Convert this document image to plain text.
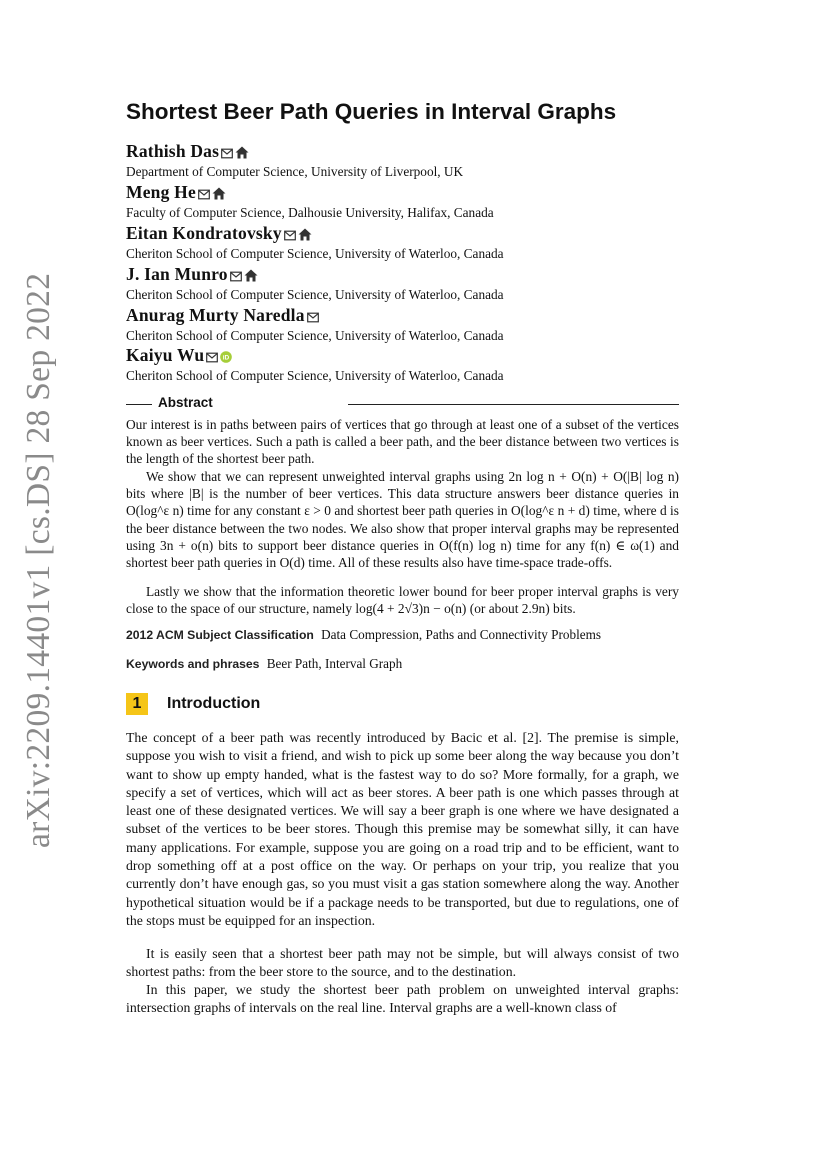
arXiv:2209.14401v1 [cs.DS] 28 Sep 2022
Shortest Beer Path Queries in Interval Graphs
Rathish Das
Department of Computer Science, University of Liverpool, UK
Meng He
Faculty of Computer Science, Dalhousie University, Halifax, Canada
Eitan Kondratovsky
Cheriton School of Computer Science, University of Waterloo, Canada
J. Ian Munro
Cheriton School of Computer Science, University of Waterloo, Canada
Anurag Murty Naredla
Cheriton School of Computer Science, University of Waterloo, Canada
Kaiyu Wu	iD
Cheriton School of Computer Science, University of Waterloo, Canada
Abstract

Our interest is in paths between pairs of vertices that go through at least one of a subset of the vertices known as beer vertices. Such a path is called a beer path, and the beer distance between two vertices is the length of the shortest beer path.

We show that we can represent unweighted interval graphs using 2n log n + O(n) + O(|B| log n) bits where |B| is the number of beer vertices. This data structure answers beer distance queries in O(log^ε n) time for any constant ε > 0 and shortest beer path queries in O(log^ε n + d) time, where d is the beer distance between the two nodes. We also show that proper interval graphs may be represented using 3n + o(n) bits to support beer distance queries in O(f(n) log n) time for any f(n) ∈ ω(1) and shortest beer path queries in O(d) time. All of these results also have time-space trade-offs.

Lastly we show that the information theoretic lower bound for beer proper interval graphs is very close to the space of our structure, namely log(4 + 2√3)n − o(n) (or about 2.9n) bits.

2012 ACM Subject Classification Data Compression, Paths and Connectivity Problems
Keywords and phrases Beer Path, Interval Graph
1	Introduction

The concept of a beer path was recently introduced by Bacic et al. [2]. The premise is simple, suppose you wish to visit a friend, and wish to pick up some beer along the way because you don’t want to show up empty handed, what is the fastest way to do so? More formally, for a graph, we specify a set of vertices, which will act as beer stores. A beer path is one which passes through at least one of these designated vertices. We will say a beer graph is one where we have designated a subset of the vertices to be beer stores. Though this premise may be somewhat silly, it can have many applications. For example, suppose you are going on a road trip and to be efficient, want to drop something off at a post office on the way. Or perhaps on your trip, you realize that you currently don’t have enough gas, so you must visit a gas station somewhere along the way. Another hypothetical situation would be if a package needs to be transported, but due to regulations, one of the stops must be equipped for an inspection.

It is easily seen that a shortest beer path may not be simple, but will always consist of two shortest paths: from the beer store to the source, and to the destination.

In this paper, we study the shortest beer path problem on unweighted interval graphs: intersection graphs of intervals on the real line. Interval graphs are a well-known class of
